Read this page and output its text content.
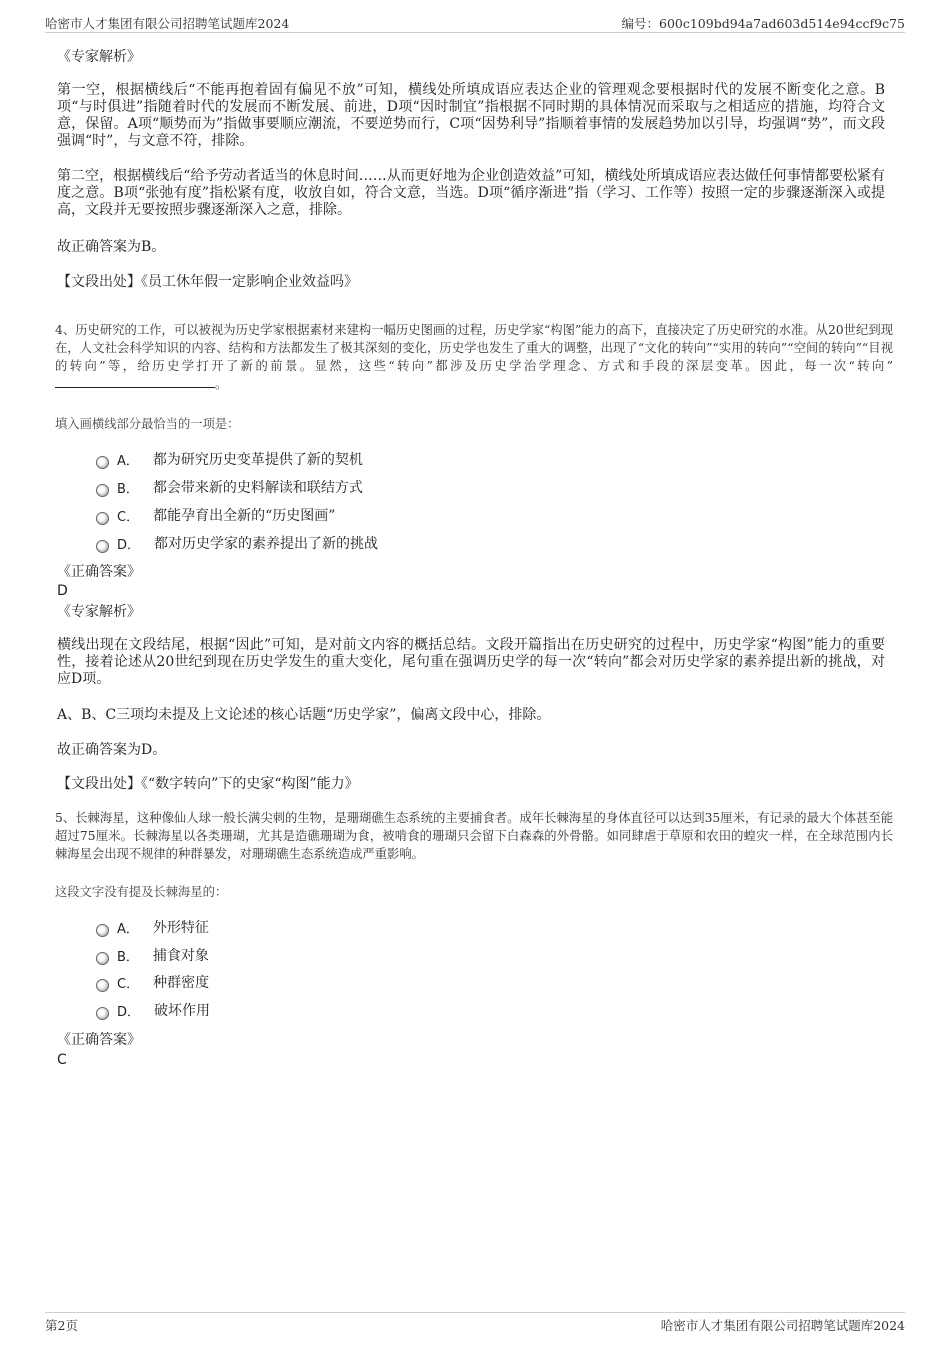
哈密市人才集团有限公司招聘笔试题库2024	编号：600c109bd94a7ad603d514e94ccf9c75

《专家解析》

第一空，根据横线后“不能再抱着固有偏见不放”可知，横线处所填成语应表达企业的管理观念要根据时代的发展不断变化之意。B项“与时俱进”指随着时代的发展而不断发展、前进，D项“因时制宜”指根据不同时期的具体情况而采取与之相适应的措施，均符合文意，保留。A项“顺势而为”指做事要顺应潮流，不要逆势而行，C项“因势利导”指顺着事情的发展趋势加以引导，均强调“势”，而文段强调“时”，与文意不符，排除。

第二空，根据横线后“给予劳动者适当的休息时间……从而更好地为企业创造效益”可知，横线处所填成语应表达做任何事情都要松紧有度之意。B项“张弛有度”指松紧有度，收放自如，符合文意，当选。D项“循序渐进”指（学习、工作等）按照一定的步骤逐渐深入或提高，文段并无要按照步骤逐渐深入之意，排除。

故正确答案为B。

【文段出处】《员工休年假一定影响企业效益吗》

4、历史研究的工作，可以被视为历史学家根据素材来建构一幅历史图画的过程，历史学家“构图”能力的高下，直接决定了历史研究的水准。从20世纪到现在，人文社会科学知识的内容、结构和方法都发生了极其深刻的变化，历史学也发生了重大的调整，出现了“文化的转向”“实用的转向”“空间的转向”“目视的转向”等，给历史学打开了新的前景。显然，这些“转向”都涉及历史学治学理念、方式和手段的深层变革。因此，每一次“转向”。

填入画横线部分最恰当的一项是：
A． 都为研究历史变革提供了新的契机
B． 都会带来新的史料解读和联结方式
C． 都能孕育出全新的“历史图画”
D． 都对历史学家的素养提出了新的挑战

《正确答案》

D

《专家解析》

横线出现在文段结尾，根据“因此”可知，是对前文内容的概括总结。文段开篇指出在历史研究的过程中，历史学家“构图”能力的重要性，接着论述从20世纪到现在历史学发生的重大变化，尾句重在强调历史学的每一次“转向”都会对历史学家的素养提出新的挑战，对应D项。

A、B、C三项均未提及上文论述的核心话题“历史学家”，偏离文段中心，排除。

故正确答案为D。

【文段出处】《“数字转向”下的史家“构图”能力》

5、长棘海星，这种像仙人球一般长满尖刺的生物，是珊瑚礁生态系统的主要捕食者。成年长棘海星的身体直径可以达到35厘米，有记录的最大个体甚至能超过75厘米。长棘海星以各类珊瑚，尤其是造礁珊瑚为食，被啃食的珊瑚只会留下白森森的外骨骼。如同肆虐于草原和农田的蝗灾一样，在全球范围内长棘海星会出现不规律的种群暴发，对珊瑚礁生态系统造成严重影响。

这段文字没有提及长棘海星的：
A． 外形特征
B． 捕食对象
C． 种群密度
D． 破坏作用

《正确答案》

C

第2页	哈密市人才集团有限公司招聘笔试题库2024
